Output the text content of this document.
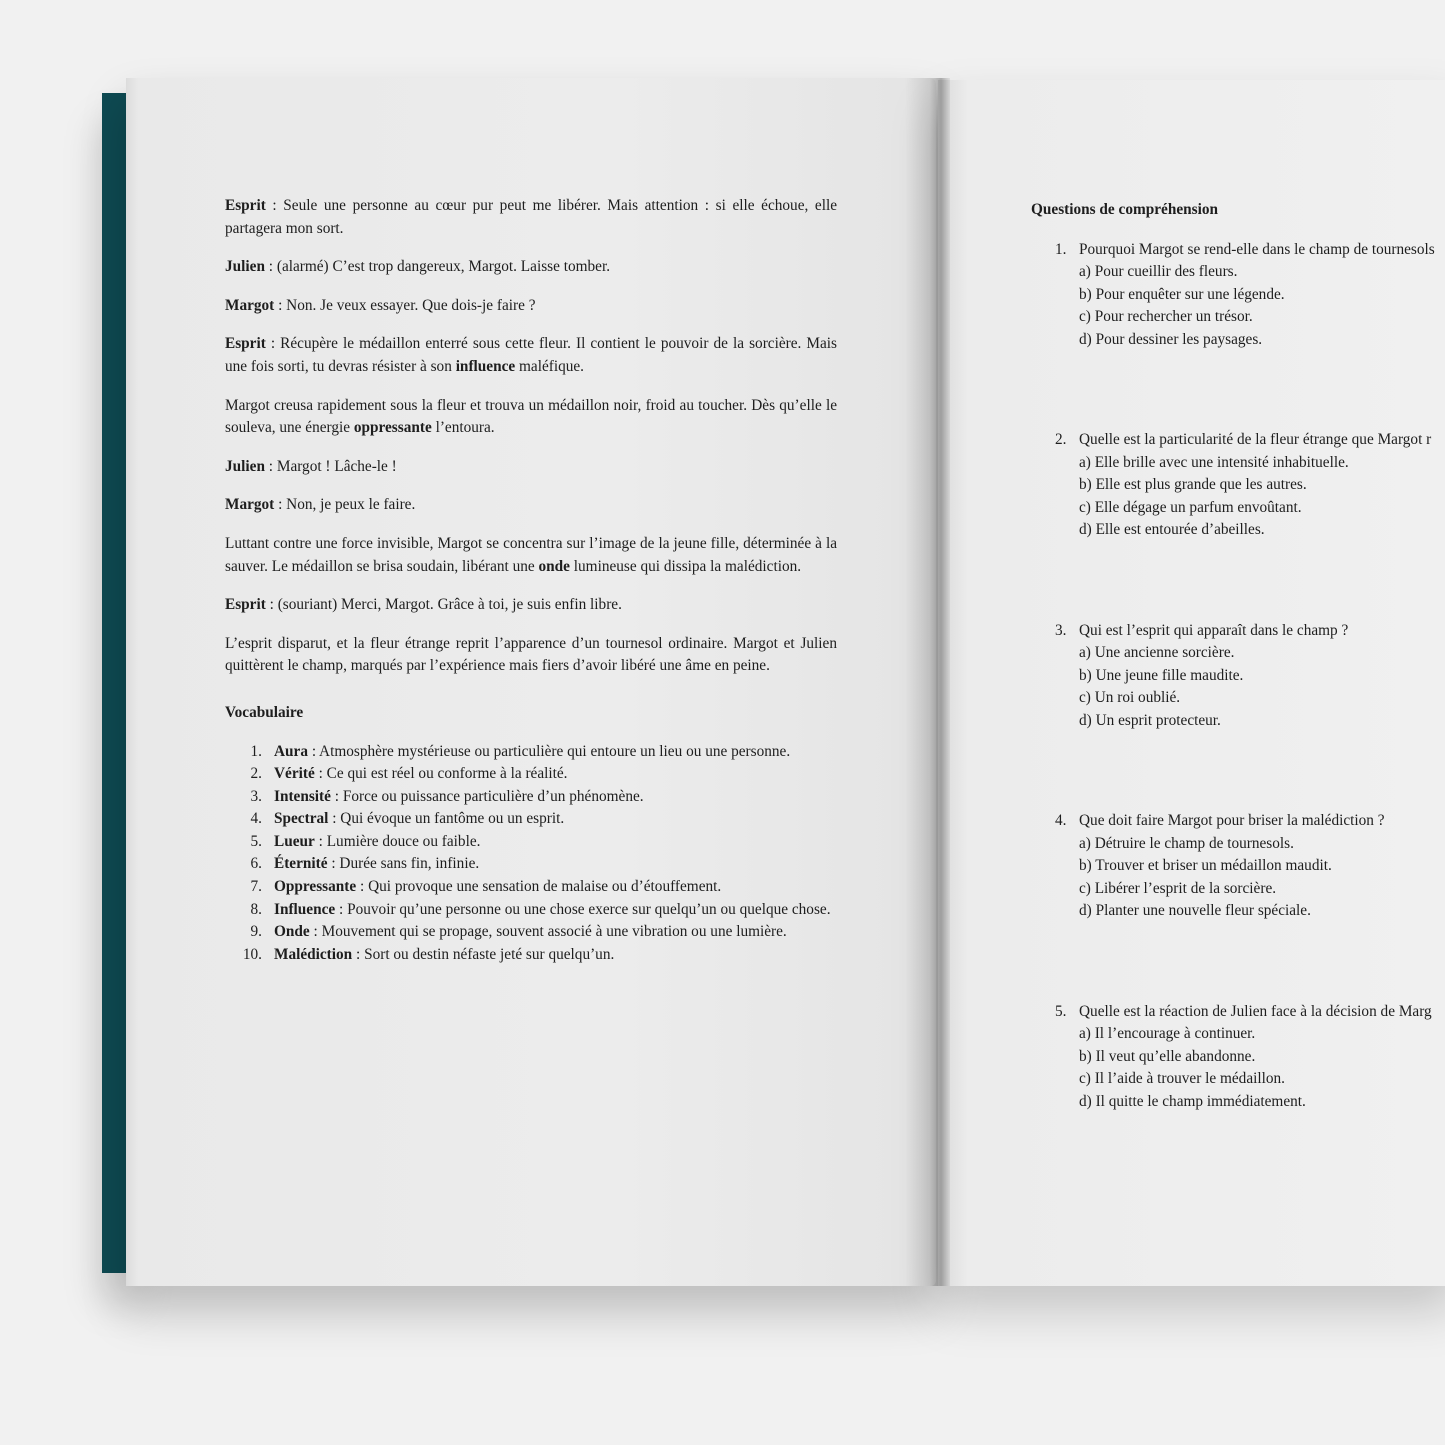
Esprit : Seule une personne au cœur pur peut me libérer. Mais attention : si elle échoue, elle partagera mon sort.

Julien : (alarmé) C’est trop dangereux, Margot. Laisse tomber.

Margot : Non. Je veux essayer. Que dois-je faire ?

Esprit : Récupère le médaillon enterré sous cette fleur. Il contient le pouvoir de la sorcière. Mais une fois sorti, tu devras résister à son influence maléfique.

Margot creusa rapidement sous la fleur et trouva un médaillon noir, froid au toucher. Dès qu’elle le souleva, une énergie oppressante l’entoura.

Julien : Margot ! Lâche-le !

Margot : Non, je peux le faire.

Luttant contre une force invisible, Margot se concentra sur l’image de la jeune fille, déterminée à la sauver. Le médaillon se brisa soudain, libérant une onde lumineuse qui dissipa la malédiction.

Esprit : (souriant) Merci, Margot. Grâce à toi, je suis enfin libre.

L’esprit disparut, et la fleur étrange reprit l’apparence d’un tournesol ordinaire. Margot et Julien quittèrent le champ, marqués par l’expérience mais fiers d’avoir libéré une âme en peine.

Vocabulaire
1. Aura : Atmosphère mystérieuse ou particulière qui entoure un lieu ou une personne.
2. Vérité : Ce qui est réel ou conforme à la réalité.
3. Intensité : Force ou puissance particulière d’un phénomène.
4. Spectral : Qui évoque un fantôme ou un esprit.
5. Lueur : Lumière douce ou faible.
6. Éternité : Durée sans fin, infinie.
7. Oppressante : Qui provoque une sensation de malaise ou d’étouffement.
8. Influence : Pouvoir qu’une personne ou une chose exerce sur quelqu’un ou quelque chose.
9. Onde : Mouvement qui se propage, souvent associé à une vibration ou une lumière.
10. Malédiction : Sort ou destin néfaste jeté sur quelqu’un.
Questions de compréhension
1. Pourquoi Margot se rend-elle dans le champ de tournesols
a) Pour cueillir des fleurs.
b) Pour enquêter sur une légende.
c) Pour rechercher un trésor.
d) Pour dessiner les paysages.
2. Quelle est la particularité de la fleur étrange que Margot r
a) Elle brille avec une intensité inhabituelle.
b) Elle est plus grande que les autres.
c) Elle dégage un parfum envoûtant.
d) Elle est entourée d’abeilles.
3. Qui est l’esprit qui apparaît dans le champ ?
a) Une ancienne sorcière.
b) Une jeune fille maudite.
c) Un roi oublié.
d) Un esprit protecteur.
4. Que doit faire Margot pour briser la malédiction ?
a) Détruire le champ de tournesols.
b) Trouver et briser un médaillon maudit.
c) Libérer l’esprit de la sorcière.
d) Planter une nouvelle fleur spéciale.
5. Quelle est la réaction de Julien face à la décision de Marg
a) Il l’encourage à continuer.
b) Il veut qu’elle abandonne.
c) Il l’aide à trouver le médaillon.
d) Il quitte le champ immédiatement.
